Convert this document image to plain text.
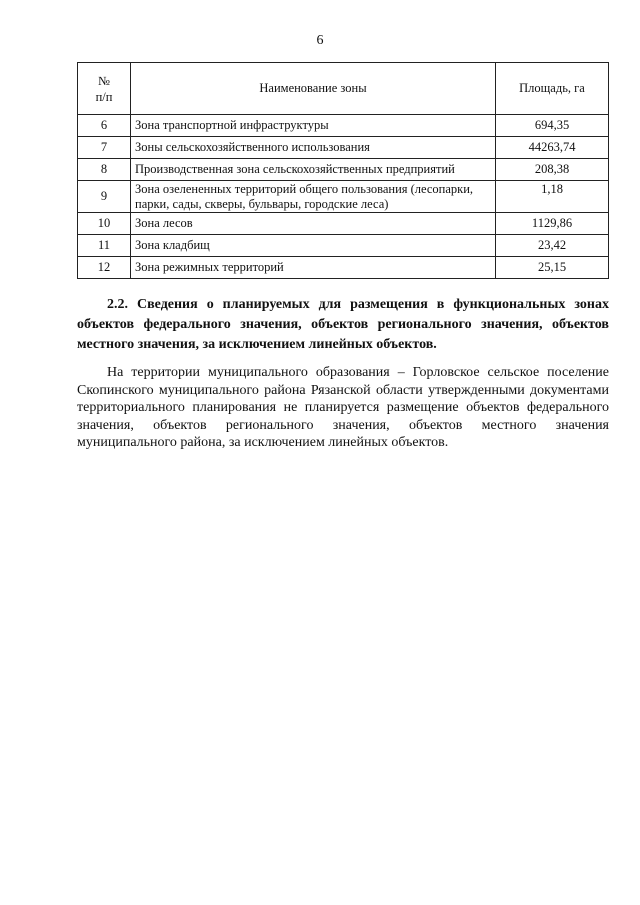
6
№
п/п	Наименование зоны	Площадь, га
6	Зона транспортной инфраструктуры	694,35
7	Зоны сельскохозяйственного использования	44263,74
8	Производственная зона сельскохозяйственных предприятий	208,38
9	Зона озелененных территорий общего пользования (лесопарки, парки, сады, скверы, бульвары, городские леса)	1,18
10	Зона лесов	1129,86
11	Зона кладбищ	23,42
12	Зона режимных территорий	25,15

2.2. Сведения о планируемых для размещения в функциональных зонах объектов федерального значения, объектов регионального значения, объектов местного значения, за исключением линейных объектов.

На территории муниципального образования – Горловское сельское поселение Скопинского муниципального района Рязанской области утвержденными документами территориального планирования не планируется размещение объектов федерального значения, объектов регионального значения, объектов местного значения муниципального района, за исключением линейных объектов.
